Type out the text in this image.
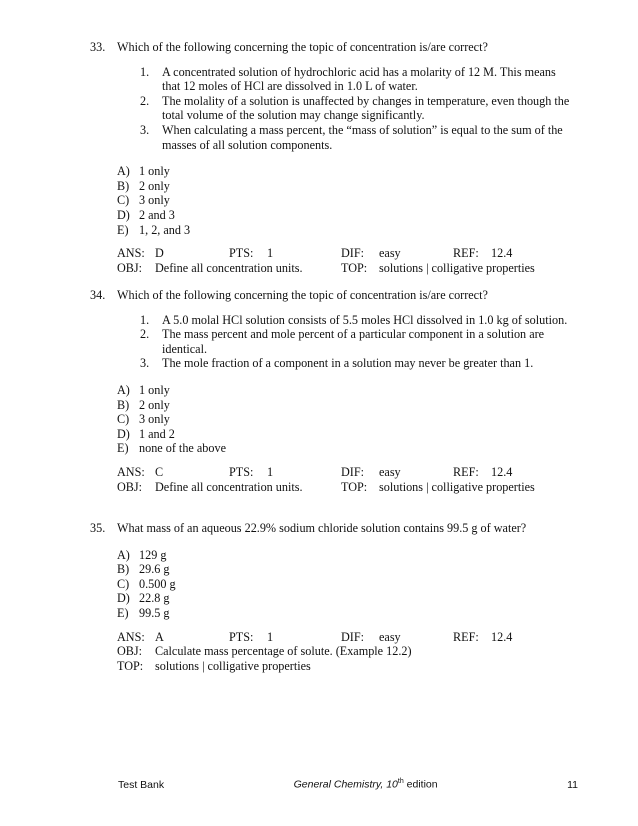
33. Which of the following concerning the topic of concentration is/are correct?
1.	A concentrated solution of hydrochloric acid has a molarity of 12 M. This means that 12 moles of HCl are dissolved in 1.0 L of water.
2.	The molality of a solution is unaffected by changes in temperature, even though the total volume of the solution may change significantly.
3.	When calculating a mass percent, the “mass of solution” is equal to the sum of the masses of all solution components.
A) 1 only
B) 2 only
C) 3 only
D) 2 and 3
E) 1, 2, and 3
ANS: D	PTS:	1	DIF:	easy	REF:	12.4
OBJ:	Define all concentration units.	TOP: solutions | colligative properties
34. Which of the following concerning the topic of concentration is/are correct?
1.	A 5.0 molal HCl solution consists of 5.5 moles HCl dissolved in 1.0 kg of solution.
2.	The mass percent and mole percent of a particular component in a solution are identical.
3.	The mole fraction of a component in a solution may never be greater than 1.
A) 1 only
B) 2 only
C) 3 only
D) 1 and 2
E) none of the above
ANS: C	PTS:	1	DIF:	easy	REF:	12.4
OBJ:	Define all concentration units.	TOP: solutions | colligative properties
35. What mass of an aqueous 22.9% sodium chloride solution contains 99.5 g of water?
A) 129 g
B) 29.6 g
C) 0.500 g
D) 22.8 g
E) 99.5 g
ANS: A	PTS:	1	DIF:	easy	REF:	12.4
OBJ:	Calculate mass percentage of solute. (Example 12.2)
TOP: solutions | colligative properties
Test Bank	General Chemistry, 10th edition	11
